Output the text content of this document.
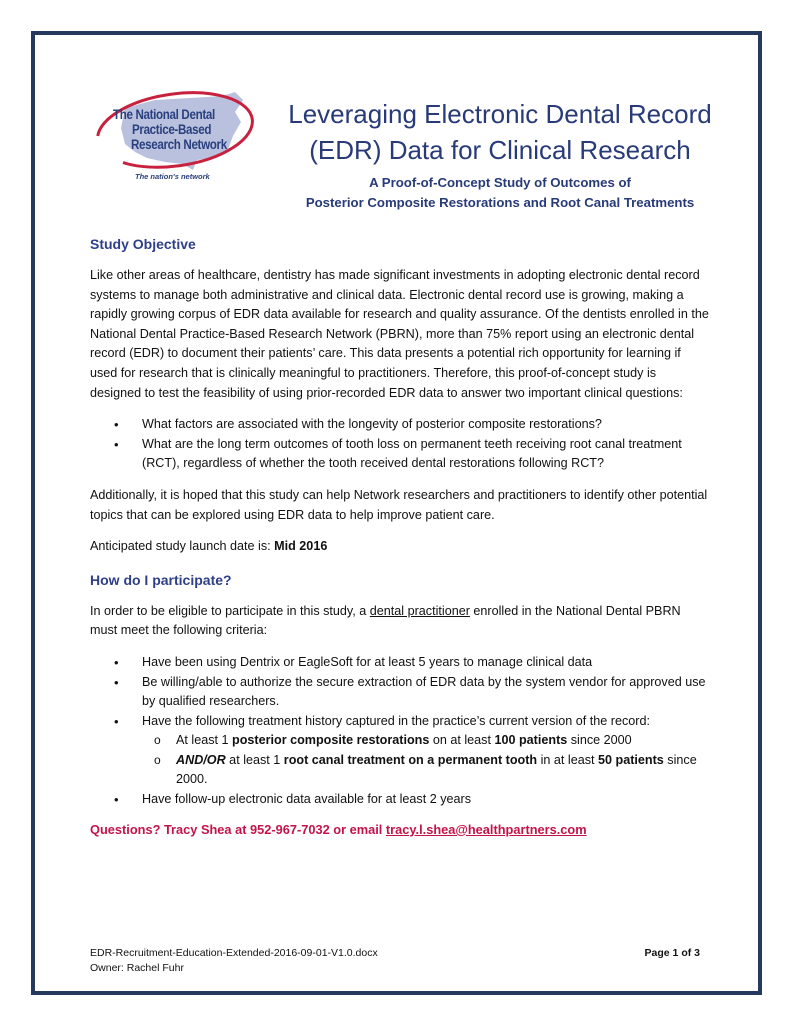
The National Dental
Practice-Based
Research Network
The nation's network
Leveraging Electronic Dental Record
(EDR) Data for Clinical Research
A Proof-of-Concept Study of Outcomes of
Posterior Composite Restorations and Root Canal Treatments
Study Objective

Like other areas of healthcare, dentistry has made significant investments in adopting electronic dental record systems to manage both administrative and clinical data. Electronic dental record use is growing, making a rapidly growing corpus of EDR data available for research and quality assurance. Of the dentists enrolled in the National Dental Practice-Based Research Network (PBRN), more than 75% report using an electronic dental record (EDR) to document their patients’ care. This data presents a potential rich opportunity for learning if used for research that is clinically meaningful to practitioners. Therefore, this proof-of-concept study is designed to test the feasibility of using prior-recorded EDR data to answer two important clinical questions:

• What factors are associated with the longevity of posterior composite restorations?
• What are the long term outcomes of tooth loss on permanent teeth receiving root canal treatment (RCT), regardless of whether the tooth received dental restorations following RCT?

Additionally, it is hoped that this study can help Network researchers and practitioners to identify other potential topics that can be explored using EDR data to help improve patient care.

Anticipated study launch date is: Mid 2016

How do I participate?

In order to be eligible to participate in this study, a dental practitioner enrolled in the National Dental PBRN must meet the following criteria:

• Have been using Dentrix or EagleSoft for at least 5 years to manage clinical data
• Be willing/able to authorize the secure extraction of EDR data by the system vendor for approved use by qualified researchers.
• Have the following treatment history captured in the practice’s current version of the record:
o At least 1 posterior composite restorations on at least 100 patients since 2000
o AND/OR at least 1 root canal treatment on a permanent tooth in at least 50 patients since 2000.
• Have follow-up electronic data available for at least 2 years
Questions? Tracy Shea at 952-967-7032 or email tracy.l.shea@healthpartners.com
EDR-Recruitment-Education-Extended-2016-09-01-V1.0.docx
Owner: Rachel Fuhr
Page 1 of 3
